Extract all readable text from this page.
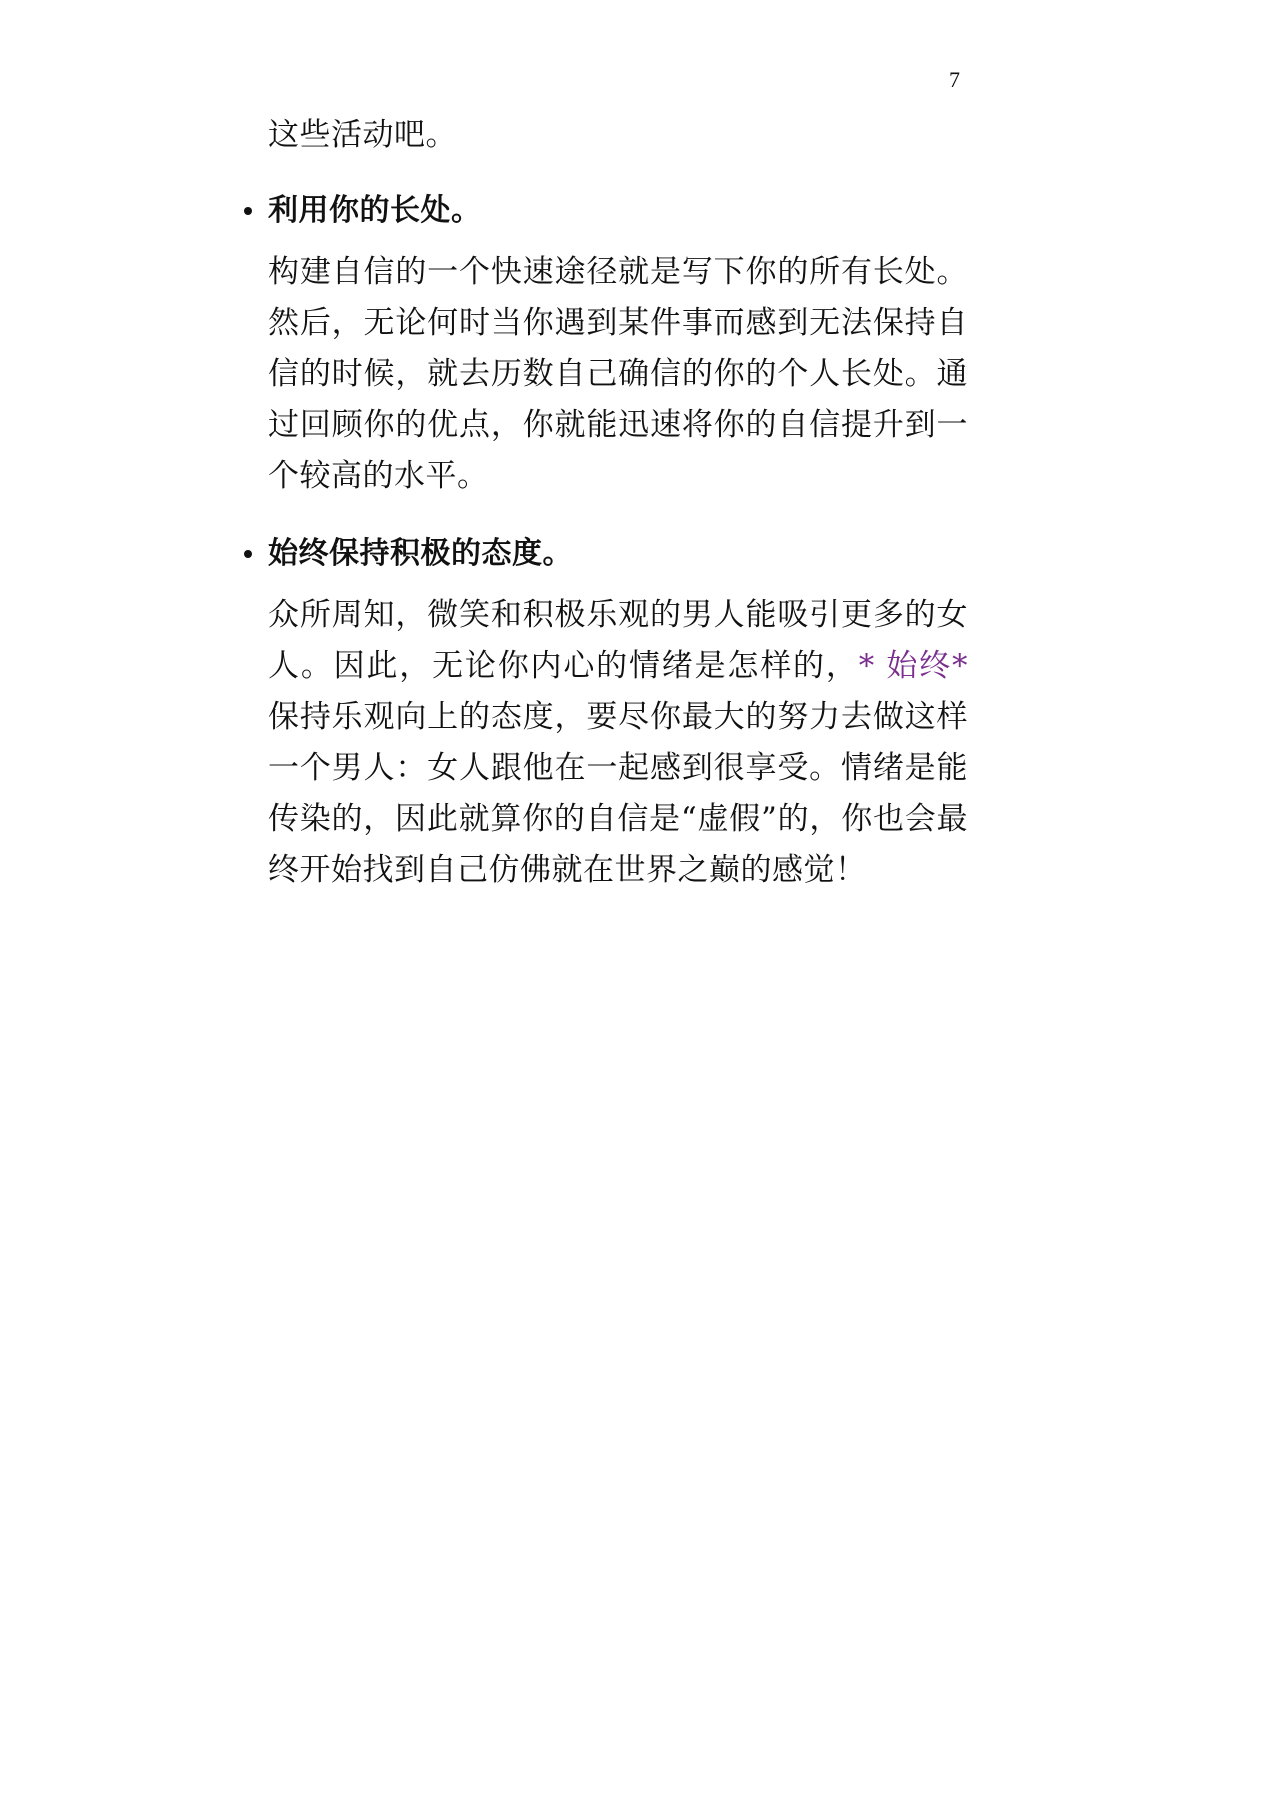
7

这些活动吧。

利用你的长处。

构建自信的一个快速途径就是写下你的所有长处。然后，无论何时当你遇到某件事而感到无法保持自信的时候，就去历数自己确信的你的个人长处。通过回顾你的优点，你就能迅速将你的自信提升到一个较高的水平。

始终保持积极的态度。

众所周知，微笑和积极乐观的男人能吸引更多的女人。因此，无论你内心的情绪是怎样的，* 始终* 保持乐观向上的态度，要尽你最大的努力去做这样一个男人：女人跟他在一起感到很享受。情绪是能传染的，因此就算你的自信是“虚假”的，你也会最终开始找到自己仿佛就在世界之巅的感觉！
